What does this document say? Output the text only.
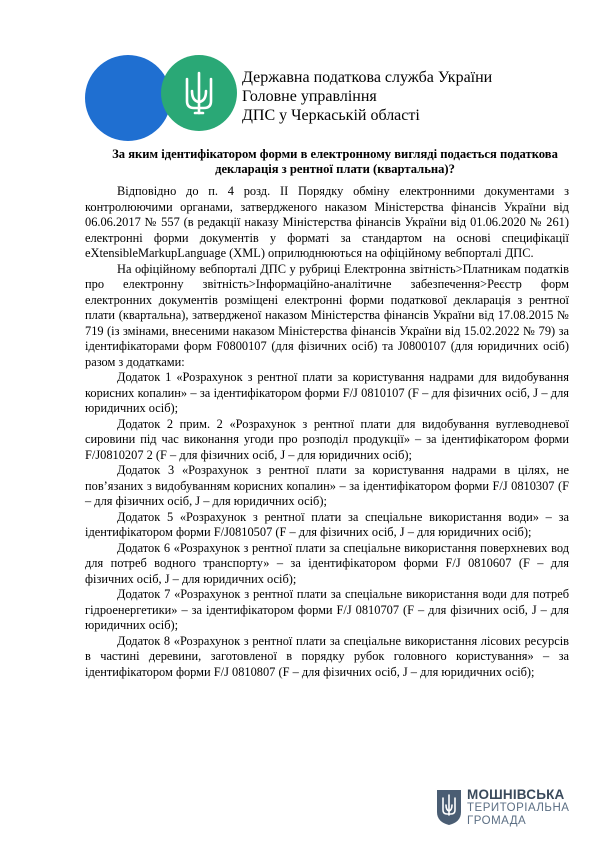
Державна податкова служба України
Головне управління
ДПС у Черкаській області
За яким ідентифікатором форми в електронному вигляді подається податкова декларація з рентної плати (квартальна)?

Відповідно до п. 4 розд. II Порядку обміну електронними документами з контролюючими органами, затвердженого наказом Міністерства фінансів України від 06.06.2017 № 557 (в редакції наказу Міністерства фінансів України від 01.06.2020 № 261) електронні форми документів у форматі за стандартом на основі специфікації eXtensibleMarkupLanguage (XML) оприлюднюються на офіційному вебпорталі ДПС.

На офіційному вебпорталі ДПС у рубриці Електронна звітність>Платникам податків про електронну звітність>Інформаційно-аналітичне забезпечення>Реєстр форм електронних документів розміщені електронні форми податкової декларація з рентної плати (квартальна), затвердженої наказом Міністерства фінансів України від 17.08.2015 № 719 (із змінами, внесеними наказом Міністерства фінансів України від 15.02.2022 № 79) за ідентифікаторами форм F0800107 (для фізичних осіб) та J0800107 (для юридичних осіб) разом з додатками:

Додаток 1 «Розрахунок з рентної плати за користування надрами для видобування корисних копалин» – за ідентифікатором форми F/J 0810107 (F – для фізичних осіб, J – для юридичних осіб);

Додаток 2 прим. 2 «Розрахунок з рентної плати для видобування вуглеводневої сировини під час виконання угоди про розподіл продукції» – за ідентифікатором форми F/J0810207 2 (F – для фізичних осіб, J – для юридичних осіб);

Додаток 3 «Розрахунок з рентної плати за користування надрами в цілях, не пов’язаних з видобуванням корисних копалин» – за ідентифікатором форми F/J 0810307 (F – для фізичних осіб, J – для юридичних осіб);

Додаток 5 «Розрахунок з рентної плати за спеціальне використання води» – за ідентифікатором форми F/J0810507 (F – для фізичних осіб, J – для юридичних осіб);

Додаток 6 «Розрахунок з рентної плати за спеціальне використання поверхневих вод для потреб водного транспорту» – за ідентифікатором форми F/J 0810607 (F – для фізичних осіб, J – для юридичних осіб);

Додаток 7 «Розрахунок з рентної плати за спеціальне використання води для потреб гідроенергетики» – за ідентифікатором форми F/J 0810707 (F – для фізичних осіб, J – для юридичних осіб);

Додаток 8 «Розрахунок з рентної плати за спеціальне використання лісових ресурсів в частині деревини, заготовленої в порядку рубок головного користування» – за ідентифікатором форми F/J 0810807 (F – для фізичних осіб, J – для юридичних осіб);

МОШНІВСЬКА
ТЕРИТОРІАЛЬНА
ГРОМАДА
